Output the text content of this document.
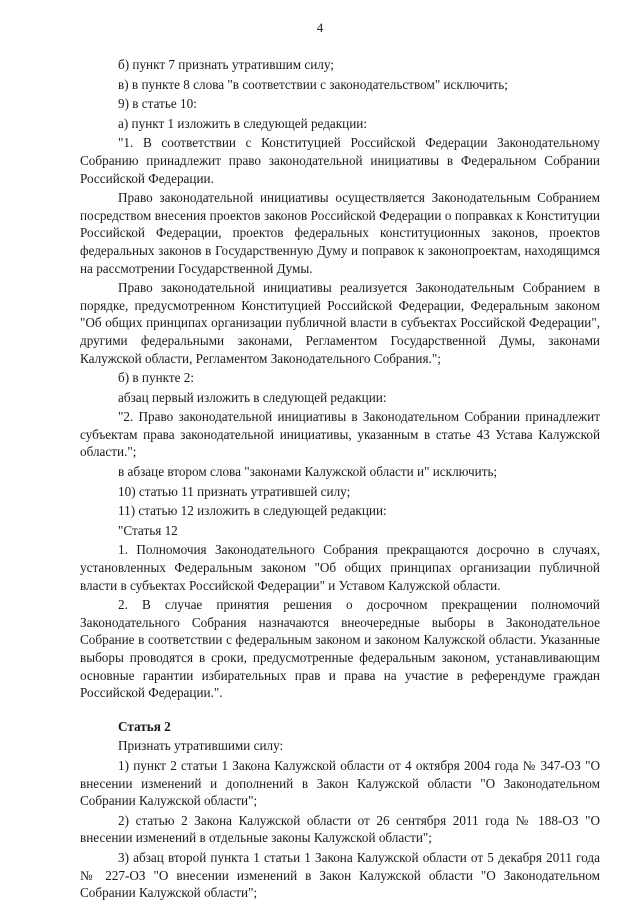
4

б) пункт 7 признать утратившим силу;

в) в пункте 8 слова "в соответствии с законодательством" исключить;

9) в статье 10:

а) пункт 1 изложить в следующей редакции:

"1. В соответствии с Конституцией Российской Федерации Законодательному Собранию принадлежит право законодательной инициативы в Федеральном Собрании Российской Федерации.

Право законодательной инициативы осуществляется Законодательным Собранием посредством внесения проектов законов Российской Федерации о поправках к Конституции Российской Федерации, проектов федеральных конституционных законов, проектов федеральных законов в Государственную Думу и поправок к законопроектам, находящимся на рассмотрении Государственной Думы.

Право законодательной инициативы реализуется Законодательным Собранием в порядке, предусмотренном Конституцией Российской Федерации, Федеральным законом "Об общих принципах организации публичной власти в субъектах Российской Федерации", другими федеральными законами, Регламентом Государственной Думы, законами Калужской области, Регламентом Законодательного Собрания.";

б) в пункте 2:

абзац первый изложить в следующей редакции:

"2. Право законодательной инициативы в Законодательном Собрании принадлежит субъектам права законодательной инициативы, указанным в статье 43 Устава Калужской области.";

в абзаце втором слова "законами Калужской области и" исключить;

10) статью 11 признать утратившей силу;

11) статью 12 изложить в следующей редакции:

"Статья 12

1. Полномочия Законодательного Собрания прекращаются досрочно в случаях, установленных Федеральным законом "Об общих принципах организации публичной власти в субъектах Российской Федерации" и Уставом Калужской области.

2. В случае принятия решения о досрочном прекращении полномочий Законодательного Собрания назначаются внеочередные выборы в Законодательное Собрание в соответствии с федеральным законом и законом Калужской области. Указанные выборы проводятся в сроки, предусмотренные федеральным законом, устанавливающим основные гарантии избирательных прав и права на участие в референдуме граждан Российской Федерации.".

Статья 2

Признать утратившими силу:

1) пункт 2 статьи 1 Закона Калужской области от 4 октября 2004 года № 347-ОЗ "О внесении изменений и дополнений в Закон Калужской области "О Законодательном Собрании Калужской области";

2) статью 2 Закона Калужской области от 26 сентября 2011 года № 188-ОЗ "О внесении изменений в отдельные законы Калужской области";

3) абзац второй пункта 1 статьи 1 Закона Калужской области от 5 декабря 2011 года № 227-ОЗ "О внесении изменений в Закон Калужской области "О Законодательном Собрании Калужской области";
